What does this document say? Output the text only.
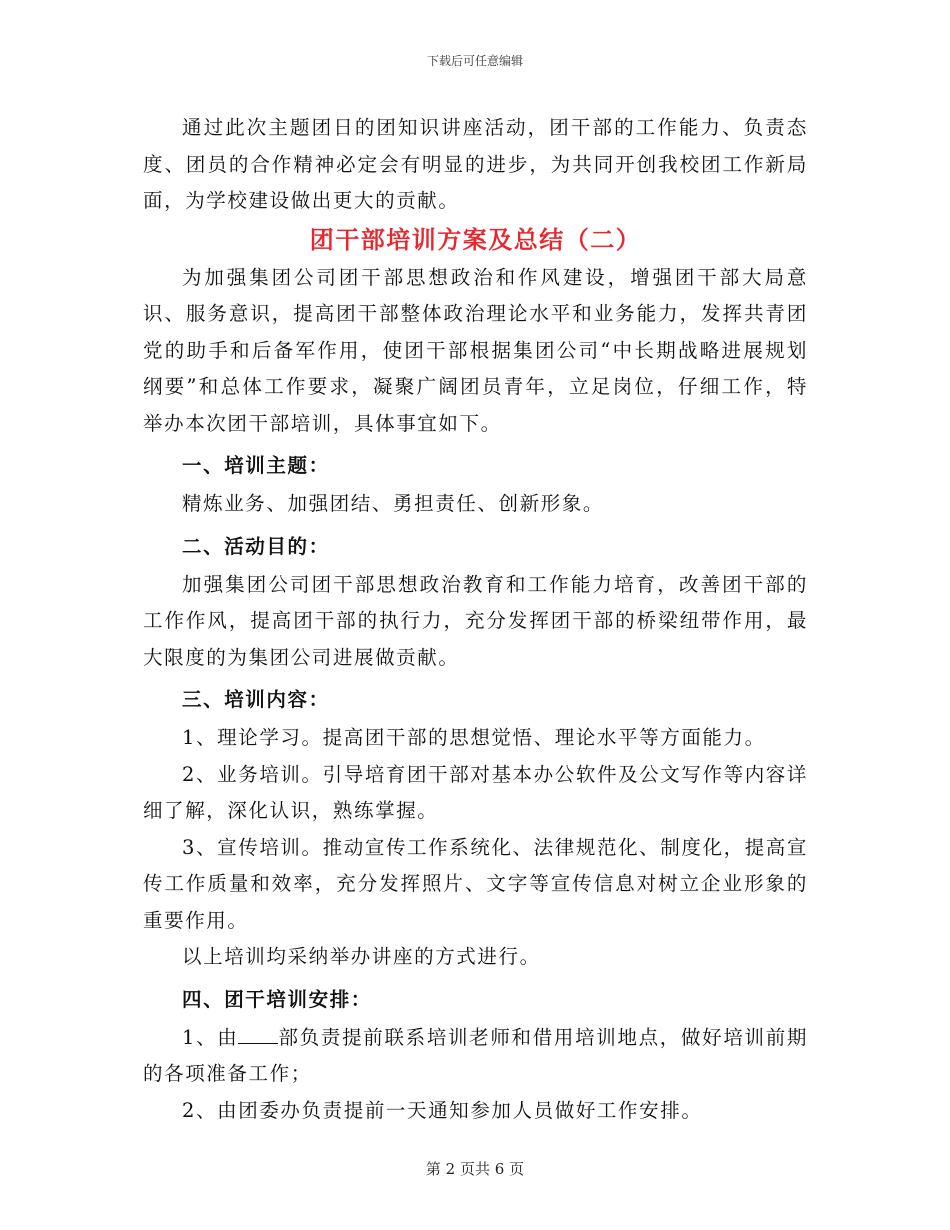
下载后可任意编辑

通过此次主题团日的团知识讲座活动，团干部的工作能力、负责态度、团员的合作精神必定会有明显的进步，为共同开创我校团工作新局面，为学校建设做出更大的贡献。

团干部培训方案及总结（二）

为加强集团公司团干部思想政治和作风建设，增强团干部大局意识、服务意识，提高团干部整体政治理论水平和业务能力，发挥共青团党的助手和后备军作用，使团干部根据集团公司“中长期战略进展规划纲要”和总体工作要求，凝聚广阔团员青年，立足岗位，仔细工作，特举办本次团干部培训，具体事宜如下。

一、培训主题：

精炼业务、加强团结、勇担责任、创新形象。

二、活动目的：

加强集团公司团干部思想政治教育和工作能力培育，改善团干部的工作作风，提高团干部的执行力，充分发挥团干部的桥梁纽带作用，最大限度的为集团公司进展做贡献。

三、培训内容：

1、理论学习。提高团干部的思想觉悟、理论水平等方面能力。

2、业务培训。引导培育团干部对基本办公软件及公文写作等内容详细了解，深化认识，熟练掌握。

3、宣传培训。推动宣传工作系统化、法律规范化、制度化，提高宣传工作质量和效率，充分发挥照片、文字等宣传信息对树立企业形象的重要作用。

以上培训均采纳举办讲座的方式进行。

四、团干培训安排：

1、由 部负责提前联系培训老师和借用培训地点，做好培训前期的各项准备工作；

2、由团委办负责提前一天通知参加人员做好工作安排。

第 2 页共 6 页
